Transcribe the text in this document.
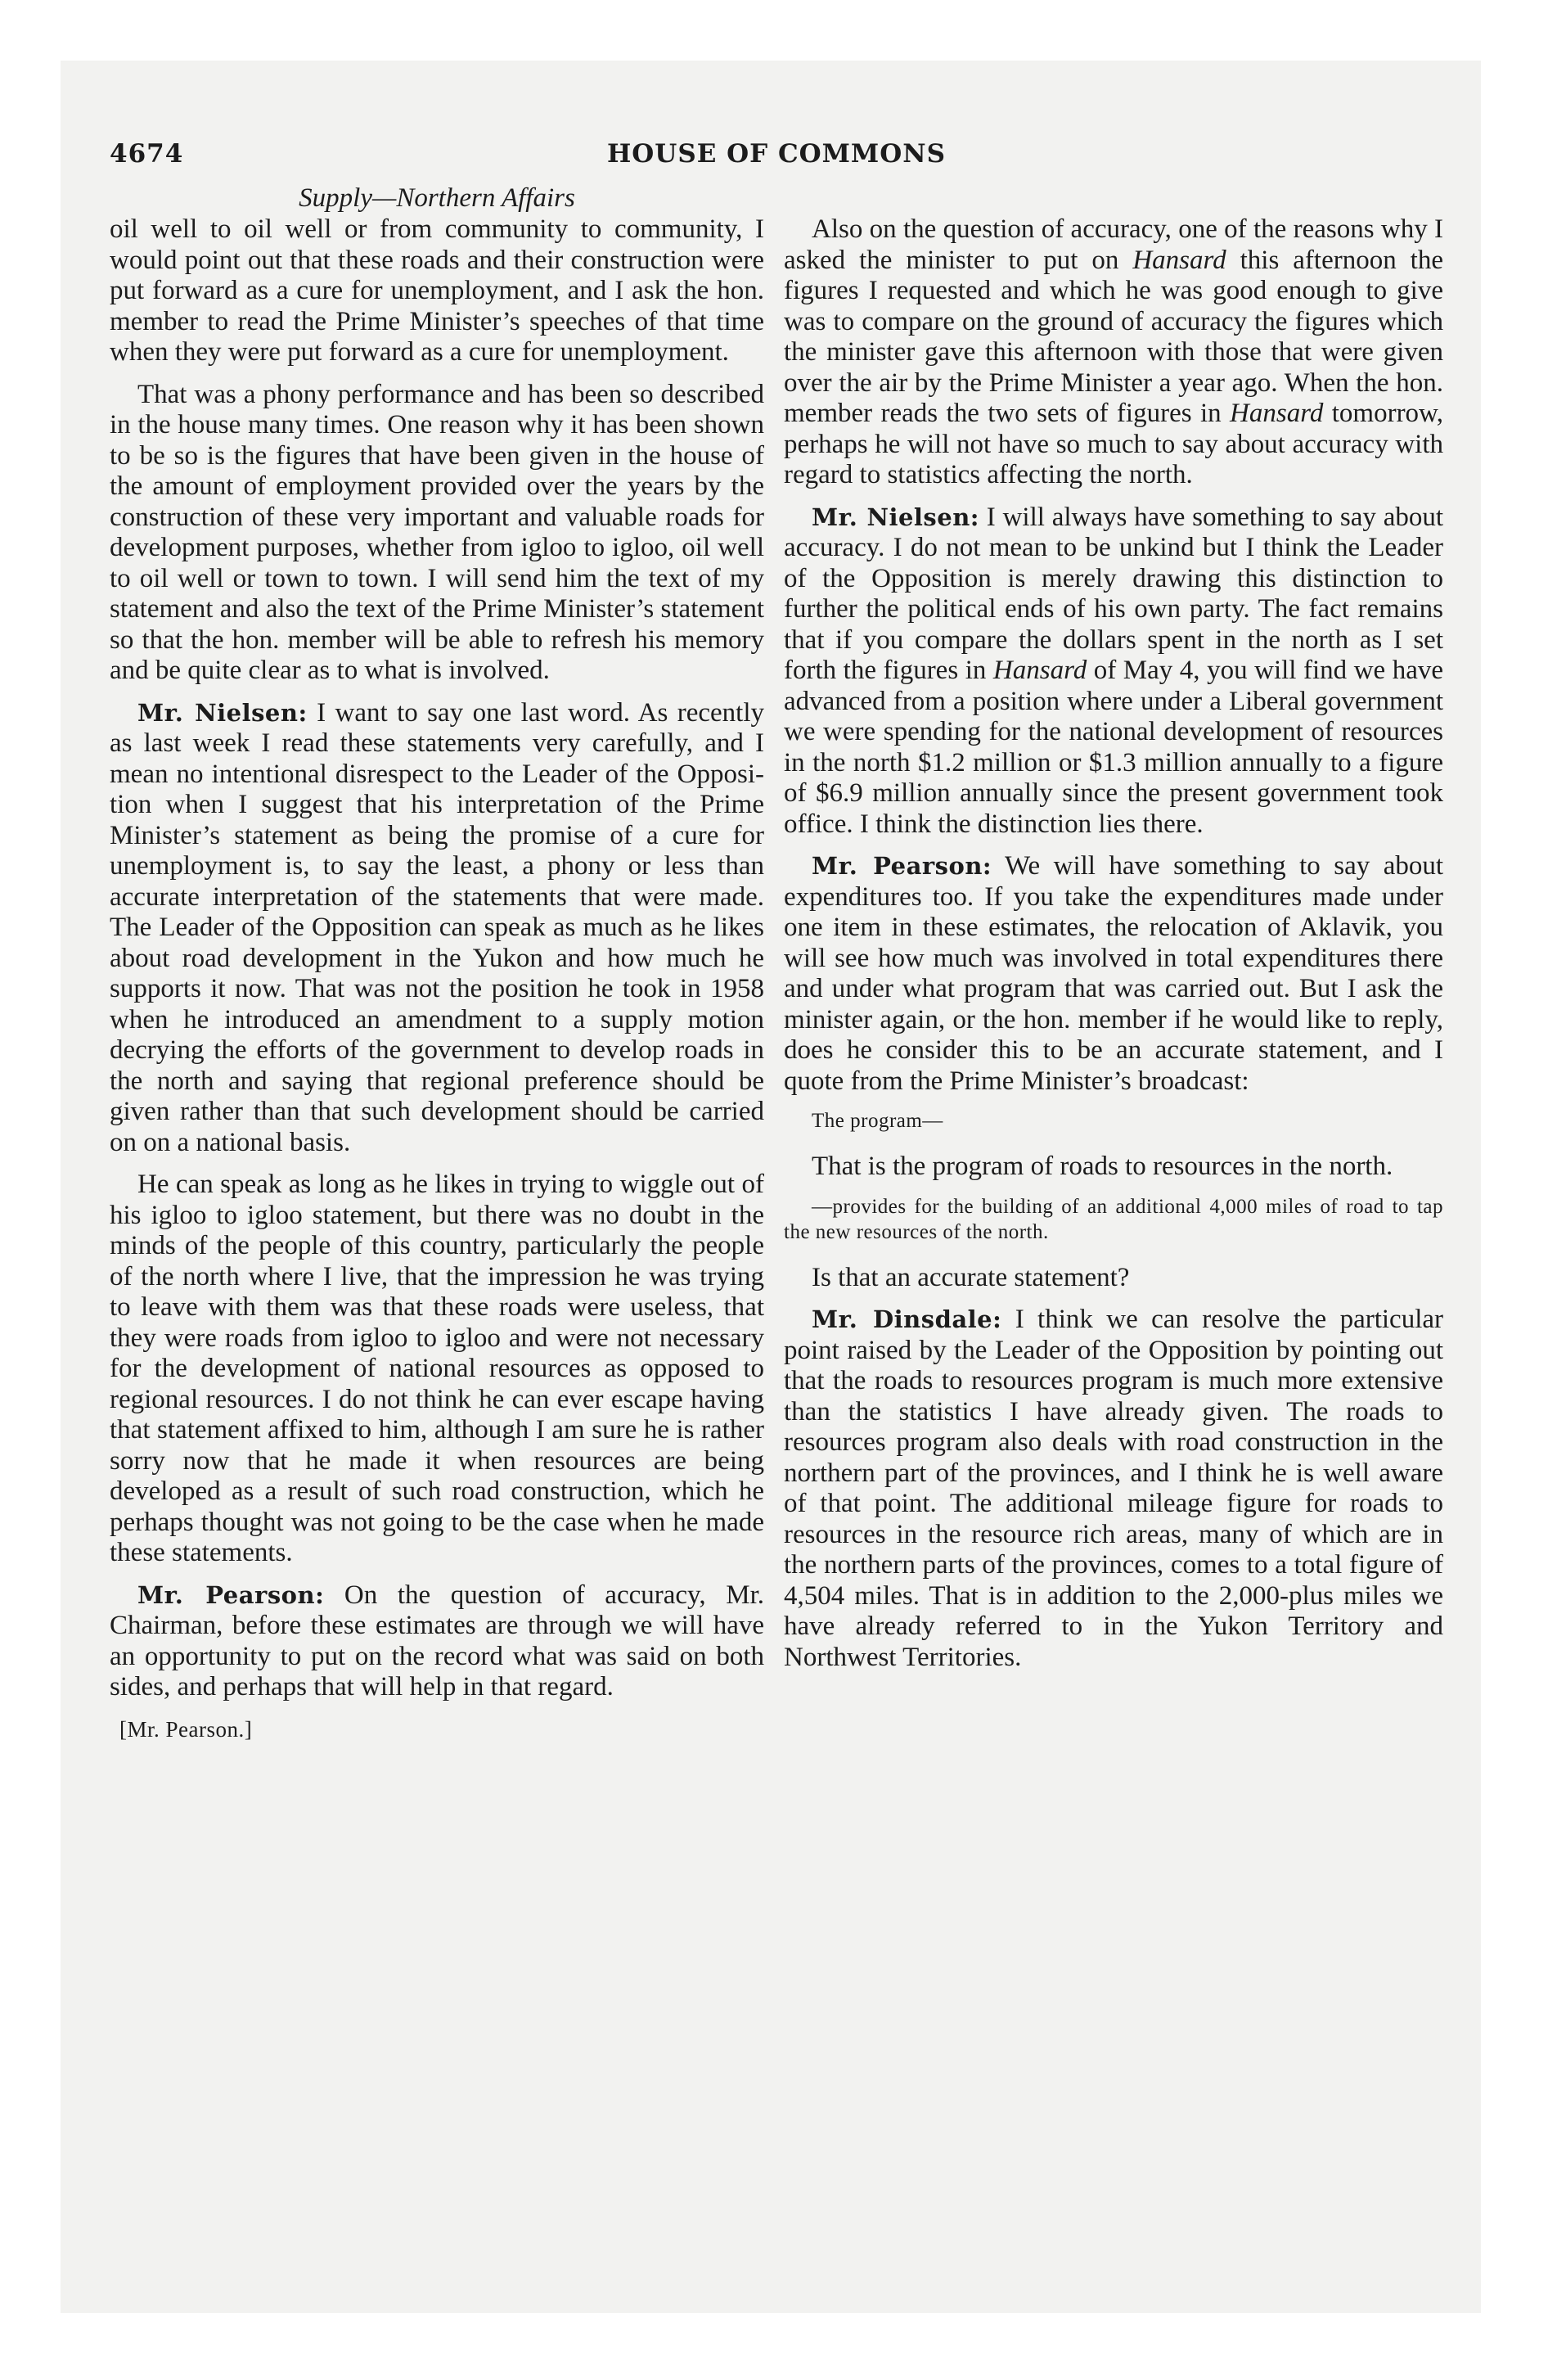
4674	HOUSE OF COMMONS
Supply—Northern Affairs

oil well to oil well or from community to community, I would point out that these roads and their construction were put forward as a cure for unemployment, and I ask the hon. member to read the Prime Minister’s speeches of that time when they were put forward as a cure for unemployment.

That was a phony performance and has been so described in the house many times. One reason why it has been shown to be so is the figures that have been given in the house of the amount of employment provided over the years by the construction of these very important and valuable roads for development purposes, whether from igloo to igloo, oil well to oil well or town to town. I will send him the text of my statement and also the text of the Prime Minister’s statement so that the hon. member will be able to refresh his memory and be quite clear as to what is involved.

Mr. Nielsen: I want to say one last word. As recently as last week I read these statements very carefully, and I mean no intentional disrespect to the Leader of the Opposition when I suggest that his interpretation of the Prime Minister’s statement as being the promise of a cure for unemployment is, to say the least, a phony or less than accurate interpretation of the statements that were made. The Leader of the Opposition can speak as much as he likes about road development in the Yukon and how much he supports it now. That was not the position he took in 1958 when he introduced an amendment to a supply motion decrying the efforts of the government to develop roads in the north and saying that regional preference should be given rather than that such development should be carried on on a national basis.

He can speak as long as he likes in trying to wiggle out of his igloo to igloo statement, but there was no doubt in the minds of the people of this country, particularly the people of the north where I live, that the impression he was trying to leave with them was that these roads were useless, that they were roads from igloo to igloo and were not necessary for the development of national resources as opposed to regional resources. I do not think he can ever escape having that statement affixed to him, although I am sure he is rather sorry now that he made it when resources are being developed as a result of such road construction, which he perhaps thought was not going to be the case when he made these statements.

Mr. Pearson: On the question of accuracy, Mr. Chairman, before these estimates are through we will have an opportunity to put on the record what was said on both sides, and perhaps that will help in that regard.

[Mr. Pearson.]

Also on the question of accuracy, one of the reasons why I asked the minister to put on Hansard this afternoon the figures I requested and which he was good enough to give was to compare on the ground of accuracy the figures which the minister gave this afternoon with those that were given over the air by the Prime Minister a year ago. When the hon. member reads the two sets of figures in Hansard tomorrow, perhaps he will not have so much to say about accuracy with regard to statistics affecting the north.

Mr. Nielsen: I will always have something to say about accuracy. I do not mean to be unkind but I think the Leader of the Opposition is merely drawing this distinction to further the political ends of his own party. The fact remains that if you compare the dollars spent in the north as I set forth the figures in Hansard of May 4, you will find we have advanced from a position where under a Liberal government we were spending for the national development of resources in the north $1.2 million or $1.3 million annually to a figure of $6.9 million annually since the present government took office. I think the distinction lies there.

Mr. Pearson: We will have something to say about expenditures too. If you take the expenditures made under one item in these estimates, the relocation of Aklavik, you will see how much was involved in total expenditures there and under what program that was carried out. But I ask the minister again, or the hon. member if he would like to reply, does he consider this to be an accurate statement, and I quote from the Prime Minister’s broadcast:

The program—

That is the program of roads to resources in the north.

—provides for the building of an additional 4,000 miles of road to tap the new resources of the north.

Is that an accurate statement?

Mr. Dinsdale: I think we can resolve the particular point raised by the Leader of the Opposition by pointing out that the roads to resources program is much more extensive than the statistics I have already given. The roads to resources program also deals with road construction in the northern part of the provinces, and I think he is well aware of that point. The additional mileage figure for roads to resources in the resource rich areas, many of which are in the northern parts of the provinces, comes to a total figure of 4,504 miles. That is in addition to the 2,000-plus miles we have already referred to in the Yukon Territory and Northwest Territories.
